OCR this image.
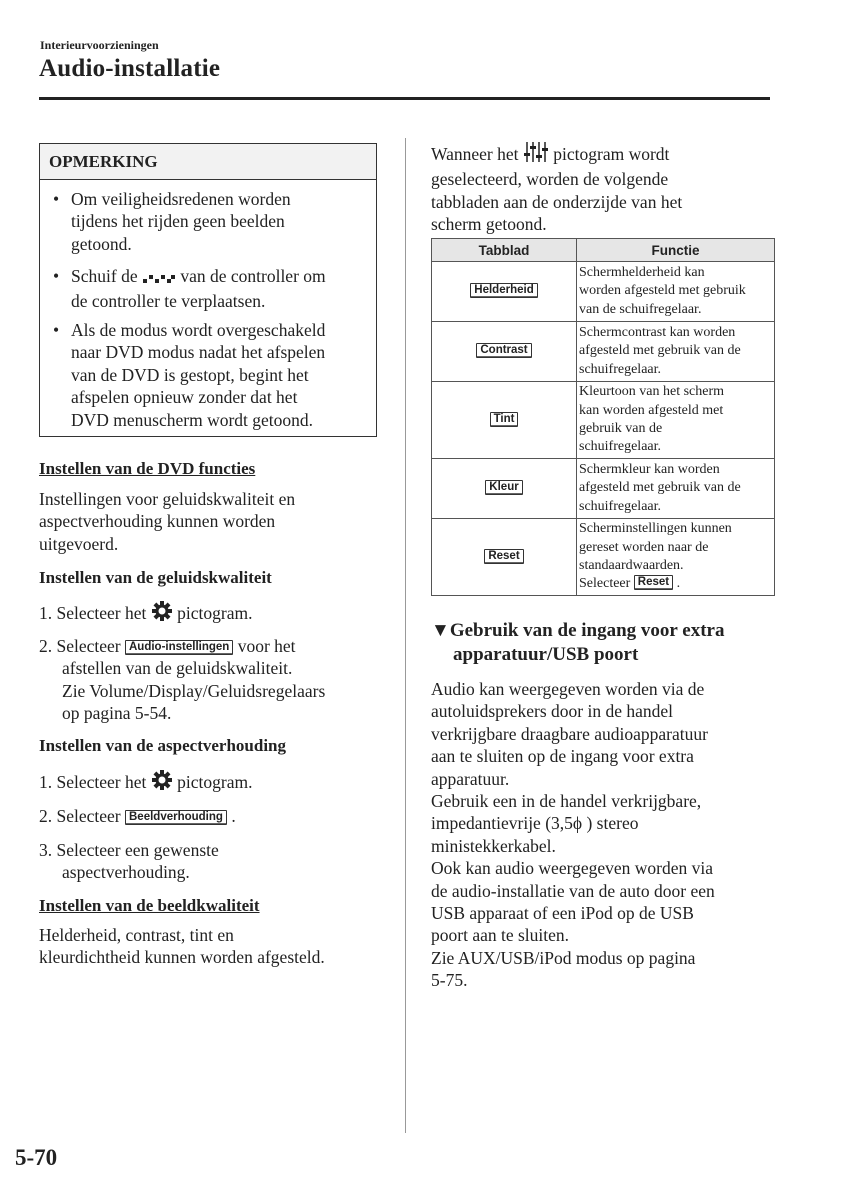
Interieurvoorzieningen
Audio-installatie
OPMERKING
• Om veiligheidsredenen worden
tijdens het rijden geen beelden
getoond.
• Schuif de van de controller om
de controller te verplaatsen.
• Als de modus wordt overgeschakeld
naar DVD modus nadat het afspelen
van de DVD is gestopt, begint het
afspelen opnieuw zonder dat het
DVD menuscherm wordt getoond.
Instellen van de DVD functies
Instellingen voor geluidskwaliteit en
aspectverhouding kunnen worden
uitgevoerd.
Instellen van de geluidskwaliteit
1. Selecteer het pictogram.
2. Selecteer Audio-instellingen voor het
afstellen van de geluidskwaliteit.
Zie Volume/Display/Geluidsregelaars
op pagina 5-54.
Instellen van de aspectverhouding
1. Selecteer het pictogram.
2. Selecteer Beeldverhouding .
3. Selecteer een gewenste
aspectverhouding.
Instellen van de beeldkwaliteit
Helderheid, contrast, tint en
kleurdichtheid kunnen worden afgesteld.
Wanneer het pictogram wordt
geselecteerd, worden de volgende
tabbladen aan de onderzijde van het
scherm getoond.
Tabblad	Functie
Helderheid	Schermhelderheid kan
worden afgesteld met gebruik
van de schuifregelaar.

Contrast	Schermcontrast kan worden
afgesteld met gebruik van de
schuifregelaar.

Tint	Kleurtoon van het scherm
kan worden afgesteld met
gebruik van de
schuifregelaar.

Kleur	Schermkleur kan worden
afgesteld met gebruik van de
schuifregelaar.

Reset	Scherminstellingen kunnen
gereset worden naar de
standaardwaarden.
Selecteer Reset .
▼Gebruik van de ingang voor extra
apparatuur/USB poort
Audio kan weergegeven worden via de
autoluidsprekers door in de handel
verkrijgbare draagbare audioapparatuur
aan te sluiten op de ingang voor extra
apparatuur.
Gebruik een in de handel verkrijgbare,
impedantievrije (3,5ϕ ) stereo
ministekkerkabel.
Ook kan audio weergegeven worden via
de audio-installatie van de auto door een
USB apparaat of een iPod op de USB
poort aan te sluiten.
Zie AUX/USB/iPod modus op pagina
5-75.
5-70
